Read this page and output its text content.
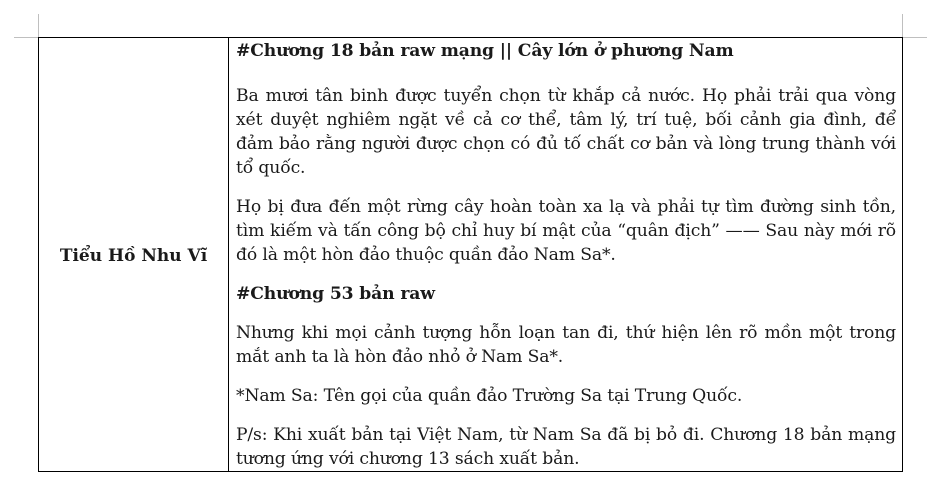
Tiểu Hồ Nhu Vĩ	

#Chương 18 bản raw mạng || Cây lớn ở phương Nam

Ba mươi tân binh được tuyển chọn từ khắp cả nước. Họ phải trải qua vòng xét duyệt nghiêm ngặt về cả cơ thể, tâm lý, trí tuệ, bối cảnh gia đình, để đảm bảo rằng người được chọn có đủ tố chất cơ bản và lòng trung thành với tổ quốc.

Họ bị đưa đến một rừng cây hoàn toàn xa lạ và phải tự tìm đường sinh tồn, tìm kiếm và tấn công bộ chỉ huy bí mật của “quân địch” —— Sau này mới rõ đó là một hòn đảo thuộc quần đảo Nam Sa*.

#Chương 53 bản raw

Nhưng khi mọi cảnh tượng hỗn loạn tan đi, thứ hiện lên rõ mồn một trong mắt anh ta là hòn đảo nhỏ ở Nam Sa*.

*Nam Sa: Tên gọi của quần đảo Trường Sa tại Trung Quốc.

P/s: Khi xuất bản tại Việt Nam, từ Nam Sa đã bị bỏ đi. Chương 18 bản mạng tương ứng với chương 13 sách xuất bản.
